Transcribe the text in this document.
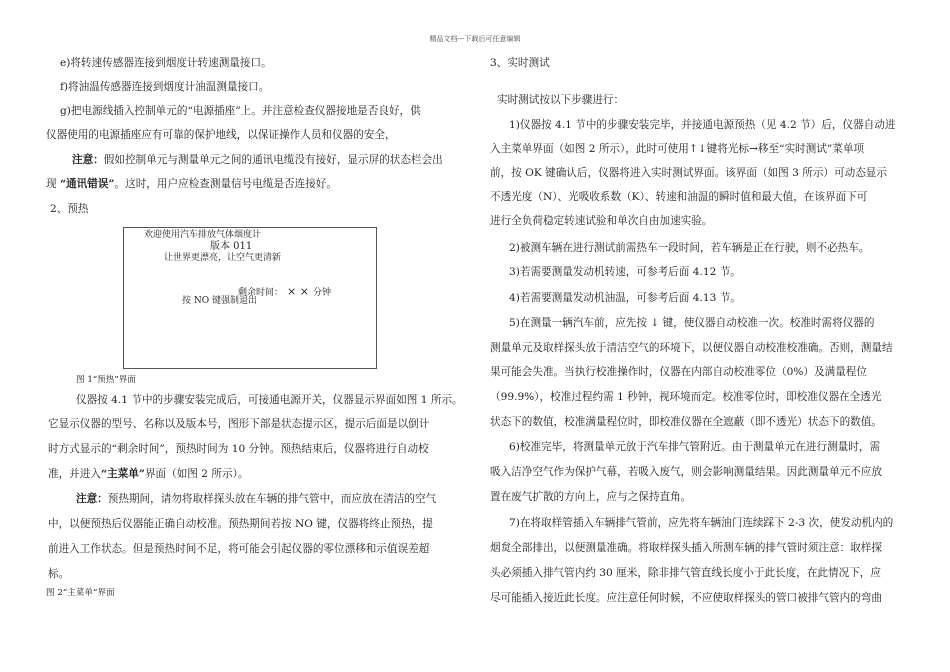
精品文档---下载后可任意编辑
e)将转速传感器连接到烟度计转速测量接口。
f)将油温传感器连接到烟度计油温测量接口。
g)把电源线插入控制单元的“电源插座”上。并注意检查仪器接地是否良好，供
仪器使用的电源插座应有可靠的保护地线，以保证操作人员和仪器的安全，
注意：假如控制单元与测量单元之间的通讯电缆没有接好，显示屏的状态栏会出
现 “通讯错误”。这时，用户应检查测量信号电缆是否连接好。
2、预热
欢迎使用汽车排放气体烟度计
版本 011
让世界更漂亮，让空气更清新
剩余时间： × × 分钟
按 NO 键强制退出
图 1“预热”界面
仪器按 4.1 节中的步骤安装完成后，可接通电源开关，仪器显示界面如图 1 所示。
它显示仪器的型号、名称以及版本号，图形下部是状态提示区，提示后面是以倒计
时方式显示的“剩余时间”，预热时间为 10 分钟。预热结束后，仪器将进行自动校
准，并进入“主菜单”界面（如图 2 所示）。
注意：预热期间，请勿将取样探头放在车辆的排气管中，而应放在清洁的空气
中，以便预热后仪器能正确自动校准。预热期间若按 NO 键，仪器将终止预热，提
前进入工作状态。但是预热时间不足，将可能会引起仪器的零位漂移和示值误差超
标。
图 2“主菜单”界面
3、实时测试
实时测试按以下步骤进行：
1)仪器按 4.1 节中的步骤安装完毕，并接通电源预热（见 4.2 节）后，仪器自动进
入主菜单界面（如图 2 所示），此时可使用↑↓键将光标→移至“实时测试”菜单项
前，按 OK 键确认后，仪器将进入实时测试界面。该界面（如图 3 所示）可动态显示
不透光度（N）、光吸收系数（K）、转速和油温的瞬时值和最大值，在该界面下可
进行全负荷稳定转速试验和单次自由加速实验。
2)被测车辆在进行测试前需热车一段时间，若车辆是正在行驶，则不必热车。
3)若需要测量发动机转速，可参考后面 4.12 节。
4)若需要测量发动机油温，可参考后面 4.13 节。
5)在测量一辆汽车前，应先按 ↓ 键，使仪器自动校准一次。校准时需将仪器的
测量单元及取样探头放于清洁空气的环境下，以便仪器自动校准校准确。否则，测量结
果可能会失准。当执行校准操作时，仪器在内部自动校准零位（0%）及满量程位
（99.9%），校准过程约需 1 秒钟，视环境而定。校准零位时，即校准仪器在全透光
状态下的数值，校准满量程位时，即校准仪器在全遮蔽（即不透光）状态下的数值。
6)校准完毕，将测量单元放于汽车排气管附近。由于测量单元在进行测量时，需
吸入洁净空气作为保护气幕，若吸入废气，则会影响测量结果。因此测量单元不应放
置在废气扩散的方向上，应与之保持直角。
7)在将取样管插入车辆排气管前，应先将车辆油门连续踩下 2-3 次，使发动机内的
烟炱全部排出，以便测量准确。将取样探头插入所测车辆的排气管时须注意：取样探
头必须插入排气管内约 30 厘米，除非排气管直线长度小于此长度，在此情况下，应
尽可能插入接近此长度。应注意任何时候，不应使取样探头的管口被排气管内的弯曲
